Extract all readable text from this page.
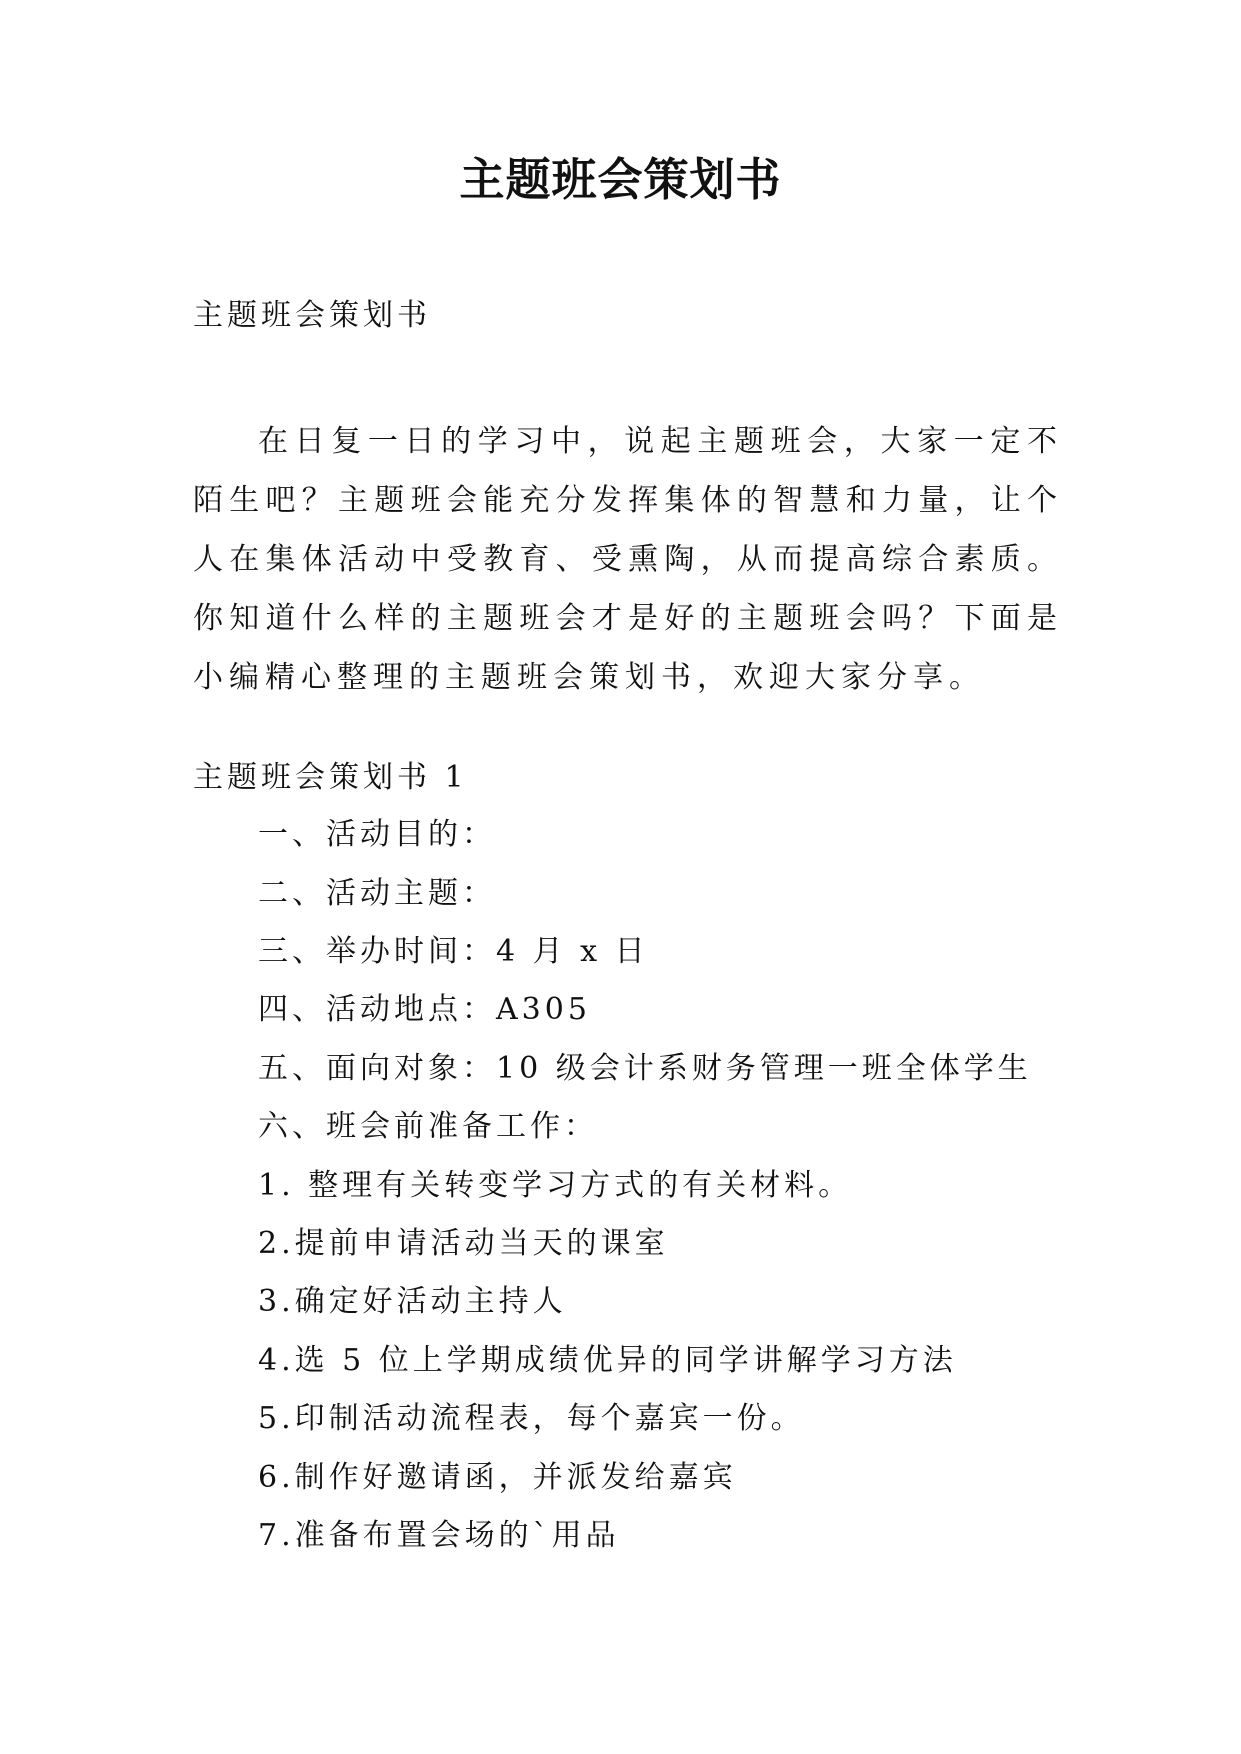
主题班会策划书

主题班会策划书

在日复一日的学习中，说起主题班会，大家一定不陌生吧？主题班会能充分发挥集体的智慧和力量，让个人在集体活动中受教育、受熏陶，从而提高综合素质。你知道什么样的主题班会才是好的主题班会吗？下面是小编精心整理的主题班会策划书，欢迎大家分享。

主题班会策划书 1

一、活动目的：

二、活动主题：

三、举办时间：4 月 x 日

四、活动地点：A305

五、面向对象：10 级会计系财务管理一班全体学生

六、班会前准备工作：

1. 整理有关转变学习方式的有关材料。

2.提前申请活动当天的课室

3.确定好活动主持人

4.选 5 位上学期成绩优异的同学讲解学习方法

5.印制活动流程表，每个嘉宾一份。

6.制作好邀请函，并派发给嘉宾

7.准备布置会场的`用品
